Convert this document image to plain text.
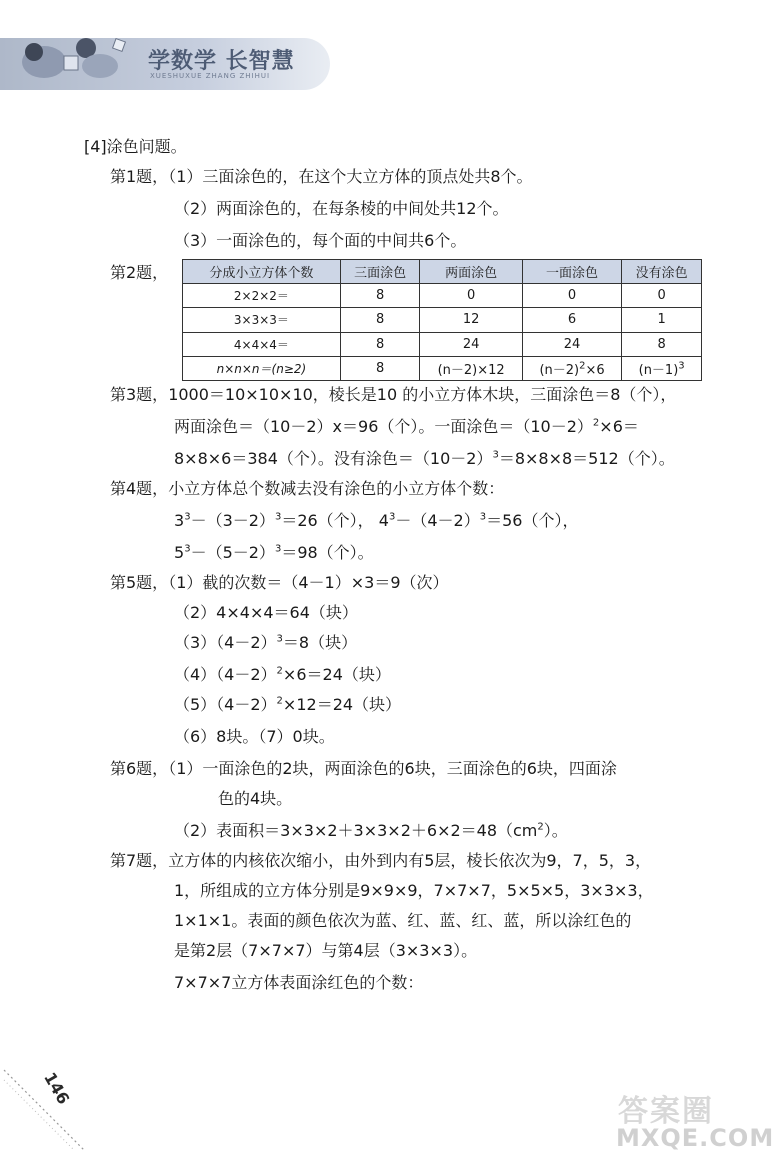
学数学 长智慧
XUESHUXUE ZHANG ZHIHUI
[4]涂色问题。
第1题，（1）三面涂色的，在这个大立方体的顶点处共8个。
（2）两面涂色的，在每条棱的中间处共12个。
（3）一面涂色的，每个面的中间共6个。
第2题，	分成小立方体个数	三面涂色	两面涂色	一面涂色	没有涂色
2×2×2＝	8	0	0	0
3×3×3＝	8	12	6	1
4×4×4＝	8	24	24	8
n×n×n＝(n≥2)	8	(n－2)×12	$(n-2)^2\times 6$	$(n-1)^3$
第3题，1000＝10×10×10，棱长是10 的小立方体木块，三面涂色＝8（个），
两面涂色＝（10－2）x＝96（个）。一面涂色$=(10-2)^2\times 6=$
8×8×6＝384（个）。没有涂色$=(10-2)^3=8\times 8\times 8=512$（个）。
第4题，小立方体总个数减去没有涂色的小立方体个数：
$3^3-(3-2)^3=26$（个）， $4^3-(4-2)^3=56$（个），
$5^3-(5-2)^3=98$（个）。
第5题，（1）截的次数＝（4－1）×3＝9（次）
（2）4×4×4＝64（块）
$(3)(4-2)^3=8$（块）
$(4)(4-2)^2\times 6=24$（块）
$(5)(4-2)^2\times 12=24$（块）
（6）8块。（7）0块。
第6题，（1）一面涂色的2块，两面涂色的6块，三面涂色的6块，四面涂
色的4块。
（2）表面积$=3\times 3\times 2+3\times 3\times 2+6\times 2=48(cm^2)$。
第7题，立方体的内核依次缩小，由外到内有5层，棱长依次为9，7，5，3，
1，所组成的立方体分别是9×9×9，7×7×7，5×5×5，3×3×3，
1×1×1。表面的颜色依次为蓝、红、蓝、红、蓝，所以涂红色的
是第2层（7×7×7）与第4层（3×3×3）。
7×7×7立方体表面涂红色的个数：
146
答案圈
MXQE.COM
